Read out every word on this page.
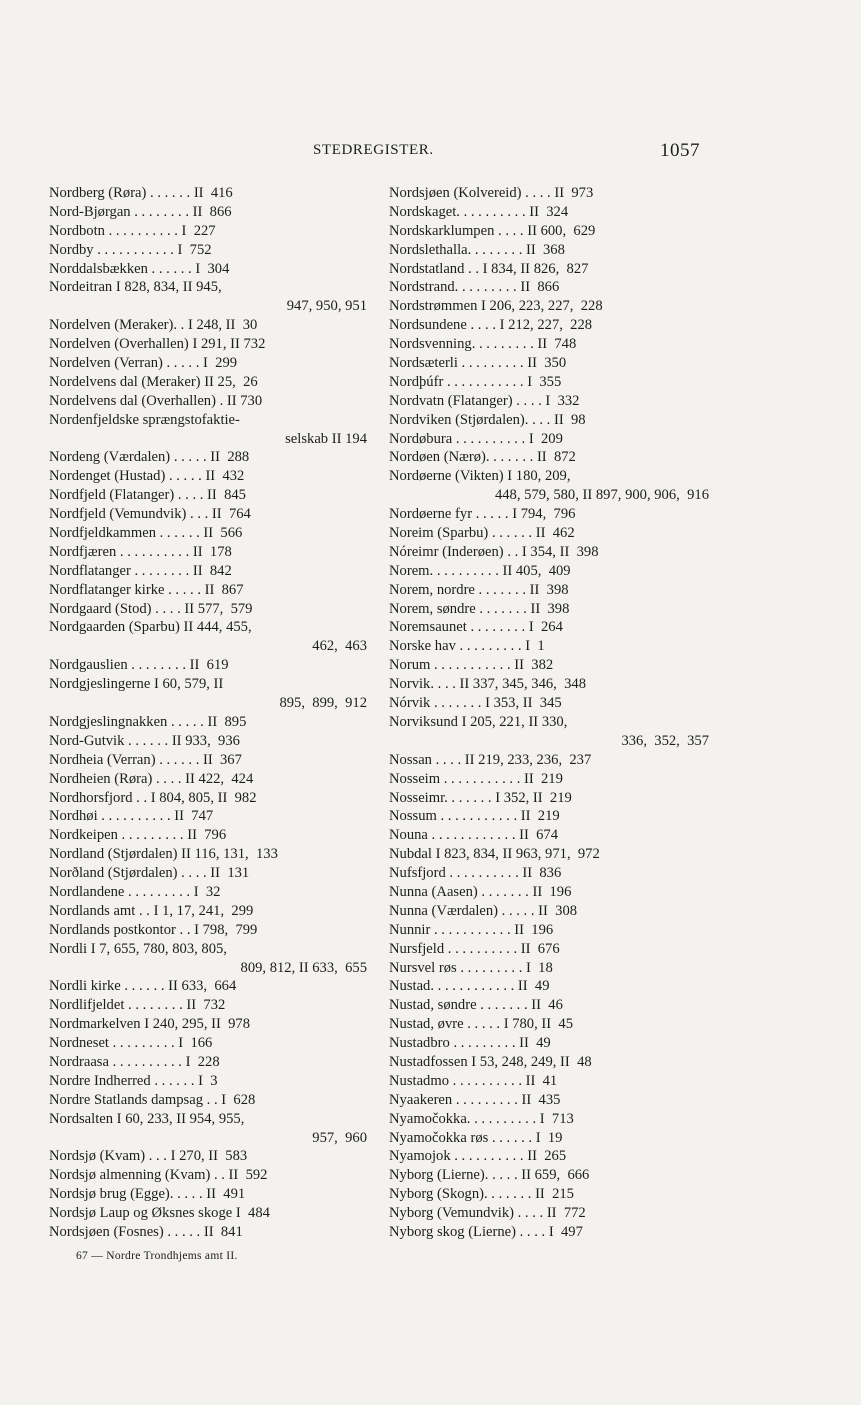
STEDREGISTER.	1057
Nordberg (Røra) . . . . . . II  416
Nord-Bjørgan . . . . . . . . II  866
Nordbotn . . . . . . . . . . I  227
Nordby . . . . . . . . . . . I  752
Norddalsbækken . . . . . . I  304
Nordeitran I 828, 834, II 945,
947, 950, 951
Nordelven (Meraker). . I 248, II  30
Nordelven (Overhallen) I 291, II 732
Nordelven (Verran) . . . . . I  299
Nordelvens dal (Meraker) II 25,  26
Nordelvens dal (Overhallen) . II 730
Nordenfjeldske sprængstofaktie-
selskab II 194
Nordeng (Værdalen) . . . . . II  288
Nordenget (Hustad) . . . . . II  432
Nordfjeld (Flatanger) . . . . II  845
Nordfjeld (Vemundvik) . . . II  764
Nordfjeldkammen . . . . . . II  566
Nordfjæren . . . . . . . . . . II  178
Nordflatanger . . . . . . . . II  842
Nordflatanger kirke . . . . . II  867
Nordgaard (Stod) . . . . II 577,  579
Nordgaarden (Sparbu) II 444, 455,
462,  463
Nordgauslien . . . . . . . . II  619
Nordgjeslingerne I 60, 579, II
895,  899,  912
Nordgjeslingnakken . . . . . II  895
Nord-Gutvik . . . . . . II 933,  936
Nordheia (Verran) . . . . . . II  367
Nordheien (Røra) . . . . II 422,  424
Nordhorsfjord . . I 804, 805, II  982
Nordhøi . . . . . . . . . . II  747
Nordkeipen . . . . . . . . . II  796
Nordland (Stjørdalen) II 116, 131,  133
Norðland (Stjørdalen) . . . . II  131
Nordlandene . . . . . . . . . I  32
Nordlands amt . . I 1, 17, 241,  299
Nordlands postkontor . . I 798,  799
Nordli I 7, 655, 780, 803, 805,
809, 812, II 633,  655
Nordli kirke . . . . . . II 633,  664
Nordlifjeldet . . . . . . . . II  732
Nordmarkelven I 240, 295, II  978
Nordneset . . . . . . . . . I  166
Nordraasa . . . . . . . . . . I  228
Nordre Indherred . . . . . . I  3
Nordre Statlands dampsag . . I  628
Nordsalten I 60, 233, II 954, 955,
957,  960
Nordsjø (Kvam) . . . I 270, II  583
Nordsjø almenning (Kvam) . . II  592
Nordsjø brug (Egge). . . . . II  491
Nordsjø Laup og Øksnes skoge I  484
Nordsjøen (Fosnes) . . . . . II  841
Nordsjøen (Kolvereid) . . . . II  973
Nordskaget. . . . . . . . . . II  324
Nordskarklumpen . . . . II 600,  629
Nordslethalla. . . . . . . . II  368
Nordstatland . . I 834, II 826,  827
Nordstrand. . . . . . . . . II  866
Nordstrømmen I 206, 223, 227,  228
Nordsundene . . . . I 212, 227,  228
Nordsvenning. . . . . . . . . II  748
Nordsæterli . . . . . . . . . II  350
Nordþúfr . . . . . . . . . . . I  355
Nordvatn (Flatanger) . . . . I  332
Nordviken (Stjørdalen). . . . II  98
Nordøbura . . . . . . . . . . I  209
Nordøen (Nærø). . . . . . . II  872
Nordøerne (Vikten) I 180, 209,
448, 579, 580, II 897, 900, 906,  916
Nordøerne fyr . . . . . I 794,  796
Noreim (Sparbu) . . . . . . II  462
Nóreimr (Inderøen) . . I 354, II  398
Norem. . . . . . . . . . II 405,  409
Norem, nordre . . . . . . . II  398
Norem, søndre . . . . . . . II  398
Noremsaunet . . . . . . . . I  264
Norske hav . . . . . . . . . I  1
Norum . . . . . . . . . . . II  382
Norvik. . . . II 337, 345, 346,  348
Nórvik . . . . . . . I 353, II  345
Norviksund I 205, 221, II 330,
336,  352,  357
Nossan . . . . II 219, 233, 236,  237
Nosseim . . . . . . . . . . . II  219
Nosseimr. . . . . . . I 352, II  219
Nossum . . . . . . . . . . . II  219
Nouna . . . . . . . . . . . . II  674
Nubdal I 823, 834, II 963, 971,  972
Nufsfjord . . . . . . . . . . II  836
Nunna (Aasen) . . . . . . . II  196
Nunna (Værdalen) . . . . . II  308
Nunnir . . . . . . . . . . . II  196
Nursfjeld . . . . . . . . . . II  676
Nursvel røs . . . . . . . . . I  18
Nustad. . . . . . . . . . . . II  49
Nustad, søndre . . . . . . . II  46
Nustad, øvre . . . . . I 780, II  45
Nustadbro . . . . . . . . . II  49
Nustadfossen I 53, 248, 249, II  48
Nustadmo . . . . . . . . . . II  41
Nyaakeren . . . . . . . . . II  435
Nyamočokka. . . . . . . . . . I  713
Nyamočokka røs . . . . . . I  19
Nyamojok . . . . . . . . . . II  265
Nyborg (Lierne). . . . . II 659,  666
Nyborg (Skogn). . . . . . . II  215
Nyborg (Vemundvik) . . . . II  772
Nyborg skog (Lierne) . . . . I  497
67 — Nordre Trondhjems amt II.
